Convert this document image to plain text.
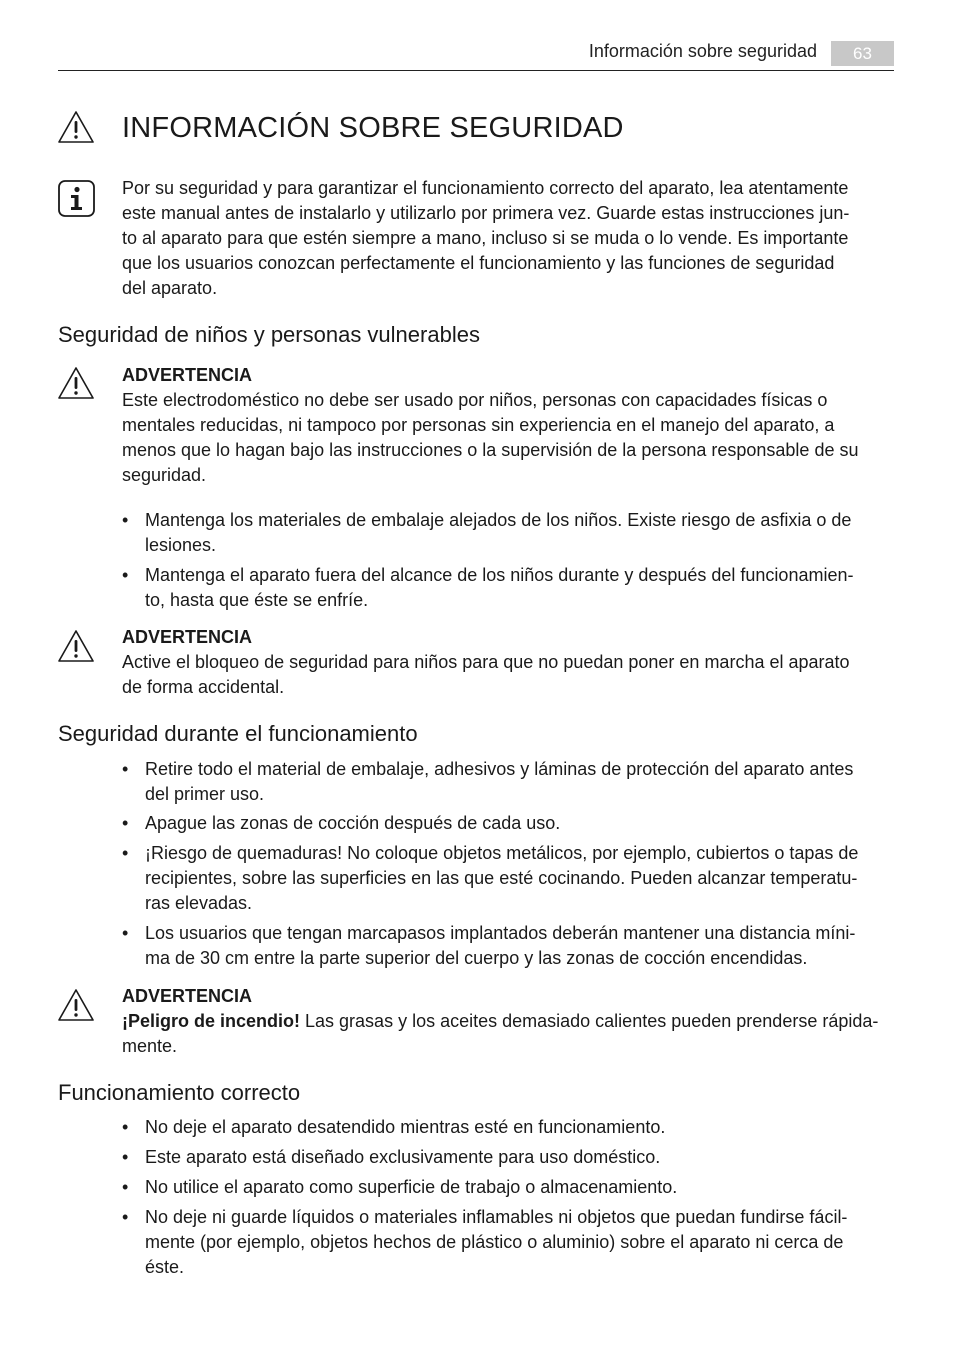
Información sobre seguridad	63
INFORMACIÓN SOBRE SEGURIDAD
Por su seguridad y para garantizar el funcionamiento correcto del aparato, lea atentamente
este manual antes de instalarlo y utilizarlo por primera vez. Guarde estas instrucciones jun-
to al aparato para que estén siempre a mano, incluso si se muda o lo vende. Es importante
que los usuarios conozcan perfectamente el funcionamiento y las funciones de seguridad
del aparato.
Seguridad de niños y personas vulnerables
ADVERTENCIA
Este electrodoméstico no debe ser usado por niños, personas con capacidades físicas o
mentales reducidas, ni tampoco por personas sin experiencia en el manejo del aparato, a
menos que lo hagan bajo las instrucciones o la supervisión de la persona responsable de su
seguridad.
• Mantenga los materiales de embalaje alejados de los niños. Existe riesgo de asfixia o de
lesiones.
• Mantenga el aparato fuera del alcance de los niños durante y después del funcionamien-
to, hasta que éste se enfríe.
ADVERTENCIA
Active el bloqueo de seguridad para niños para que no puedan poner en marcha el aparato
de forma accidental.
Seguridad durante el funcionamiento
• Retire todo el material de embalaje, adhesivos y láminas de protección del aparato antes
del primer uso.
• Apague las zonas de cocción después de cada uso.
• ¡Riesgo de quemaduras! No coloque objetos metálicos, por ejemplo, cubiertos o tapas de
recipientes, sobre las superficies en las que esté cocinando. Pueden alcanzar temperatu-
ras elevadas.
• Los usuarios que tengan marcapasos implantados deberán mantener una distancia míni-
ma de 30 cm entre la parte superior del cuerpo y las zonas de cocción encendidas.
ADVERTENCIA
¡Peligro de incendio! Las grasas y los aceites demasiado calientes pueden prenderse rápida-
mente.
Funcionamiento correcto
• No deje el aparato desatendido mientras esté en funcionamiento.
• Este aparato está diseñado exclusivamente para uso doméstico.
• No utilice el aparato como superficie de trabajo o almacenamiento.
• No deje ni guarde líquidos o materiales inflamables ni objetos que puedan fundirse fácil-
mente (por ejemplo, objetos hechos de plástico o aluminio) sobre el aparato ni cerca de
éste.
